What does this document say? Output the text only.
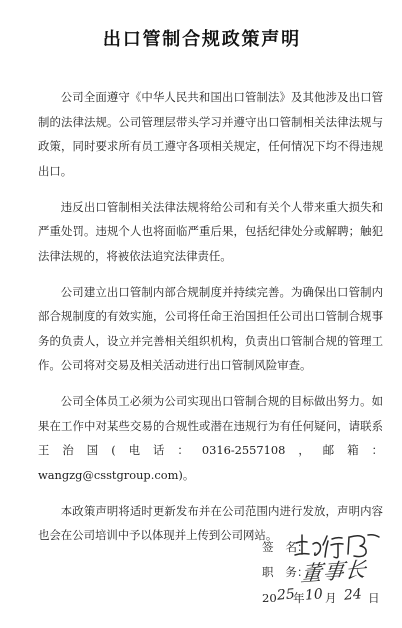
出口管制合规政策声明

公司全面遵守《中华人民共和国出口管制法》及其他涉及出口管制的法律法规。公司管理层带头学习并遵守出口管制相关法律法规与政策，同时要求所有员工遵守各项相关规定，任何情况下均不得违规出口。

违反出口管制相关法律法规将给公司和有关个人带来重大损失和严重处罚。违规个人也将面临严重后果，包括纪律处分或解聘；触犯法律法规的，将被依法追究法律责任。

公司建立出口管制内部合规制度并持续完善。为确保出口管制内部合规制度的有效实施，公司将任命王治国担任公司出口管制合规事务的负责人，设立并完善相关组织机构，负责出口管制合规的管理工作。公司将对交易及相关活动进行出口管制风险审查。

公司全体员工必须为公司实现出口管制合规的目标做出努力。如果在工作中对某些交易的合规性或潜在违规行为有任何疑问，请联系王治国(电话：0316-2557108，邮箱：wangzg@csstgroup.com)。

本政策声明将适时更新发布并在公司范围内进行发放，声明内容也会在公司培训中予以体现并上传到公司网站。

签 名：
职 务：
董事长
20 25
年 10 月 24 日
